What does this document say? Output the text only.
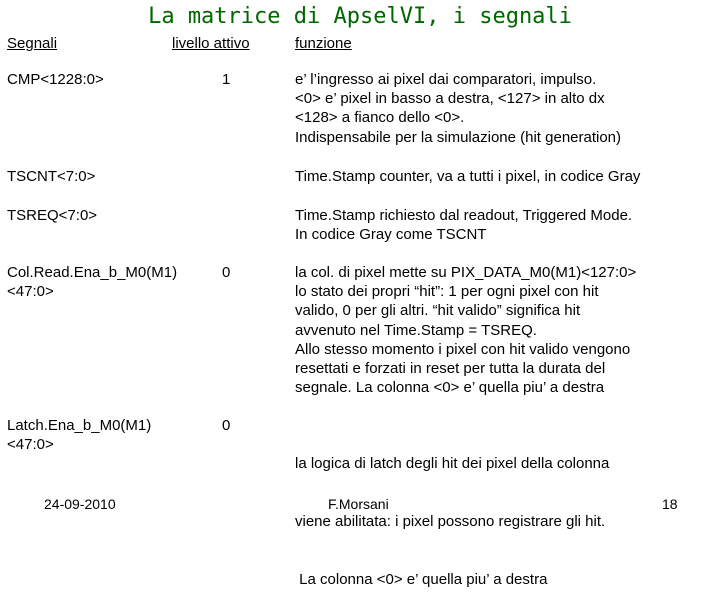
La matrice di ApselVI, i segnali
Segnali	livello attivo	funzione
CMP<1228:0>	1	e’ l’ingresso ai pixel dai comparatori, impulso.
<0> e’ pixel in basso a destra, <127> in alto dx
<128> a fianco dello <0>.
Indispensabile per la simulazione (hit generation)
TSCNT<7:0>	Time.Stamp counter, va a tutti i pixel, in codice Gray
TSREQ<7:0>	Time.Stamp richiesto dal readout, Triggered Mode.
In codice Gray come TSCNT
Col.Read.Ena_b_M0(M1)
<47:0>
0	la col. di pixel mette su PIX_DATA_M0(M1)<127:0>
lo stato dei propri “hit”: 1 per ogni pixel con hit
valido, 0 per gli altri. “hit valido” significa hit
avvenuto nel Time.Stamp = TSREQ.
Allo stesso momento i pixel con hit valido vengono
resettati e forzati in reset per tutta la durata del
segnale. La colonna <0> e’ quella piu’ a destra
Latch.Ena_b_M0(M1)
<47:0>
0

la logica di latch degli hit dei pixel della colonna

viene abilitata: i pixel possono registrare gli hit.

La colonna <0> e’ quella piu’ a destra

24-09-2010	F.Morsani	18
